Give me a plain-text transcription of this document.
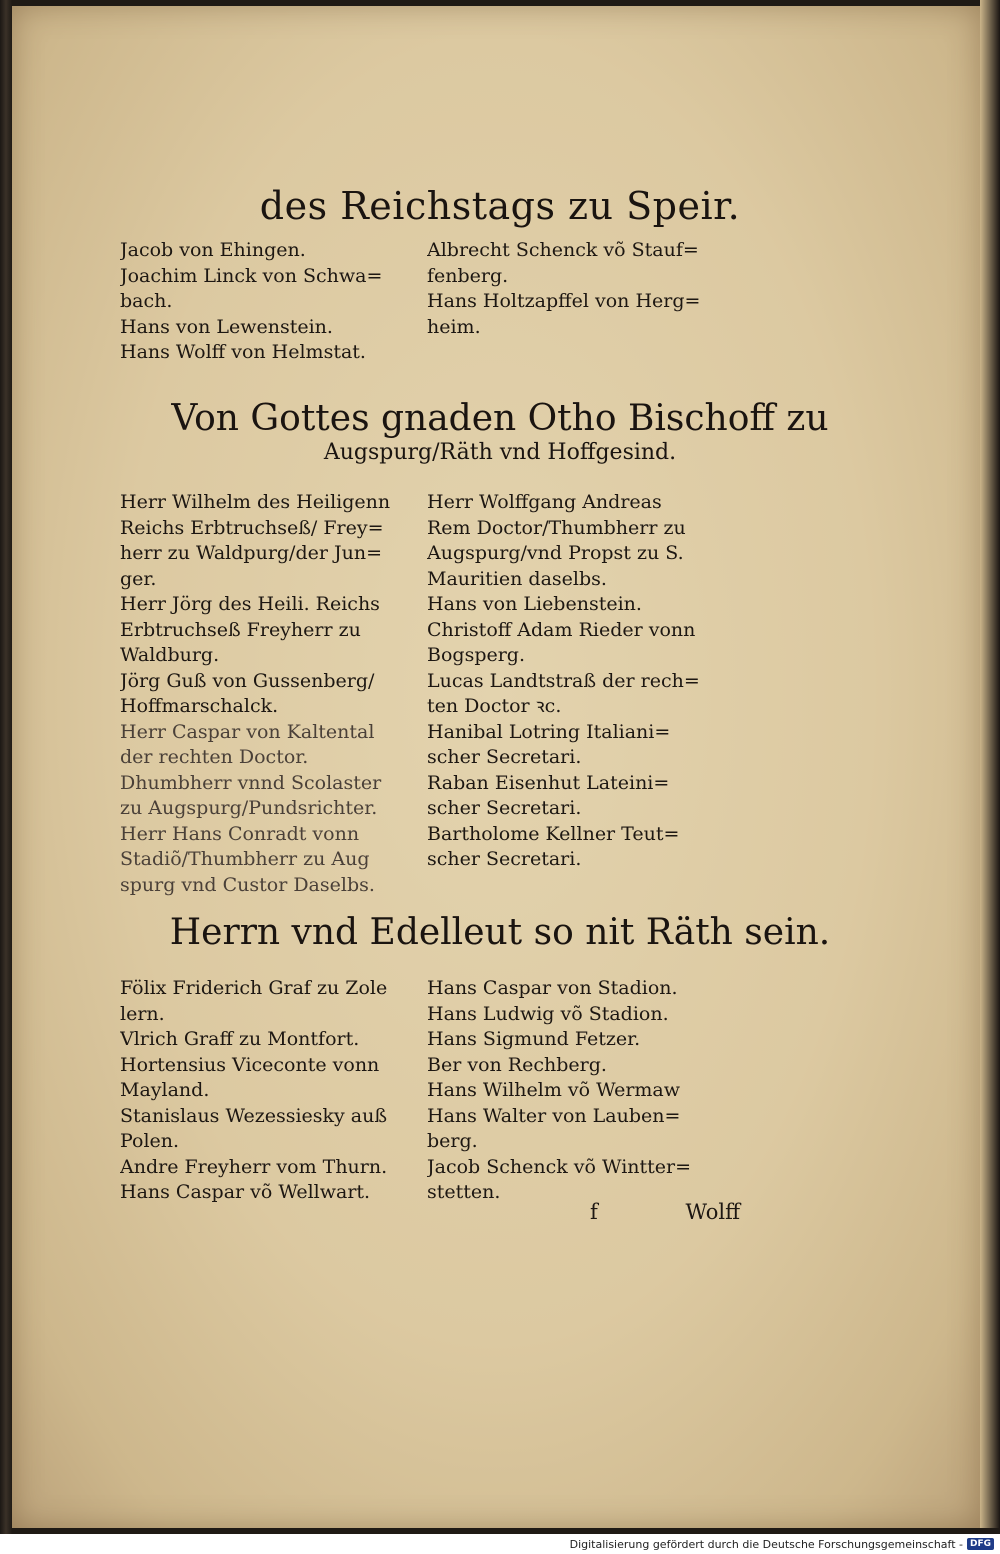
des Reichstags zu Speir.
Jacob von Ehingen.
Joachim Linck von Schwa=
bach.
Hans von Lewenstein.
Hans Wolff von Helmstat.
Albrecht Schenck võ Stauf=
fenberg.
Hans Holtzapffel von Herg=
heim.
Von Gottes gnaden Otho Bischoff zu
Augspurg/Räth vnd Hoffgesind.
Herr Wilhelm des Heiligenn
Reichs Erbtruchseß/ Frey=
herr zu Waldpurg/der Jun=
ger.
Herr Jörg des Heili. Reichs
Erbtruchseß Freyherr zu
Waldburg.
Jörg Guß von Gussenberg/
Hoffmarschalck.
Herr Caspar von Kaltental
der rechten Doctor.
Dhumbherr vnnd Scolaster
zu Augspurg/Pundsrichter.
Herr Hans Conradt vonn
Stadiõ/Thumbherr zu Aug
spurg vnd Custor Daselbs.
Herr Wolffgang Andreas
Rem Doctor/Thumbherr zu
Augspurg/vnd Propst zu S.
Mauritien daselbs.
Hans von Liebenstein.
Christoff Adam Rieder vonn
Bogsperg.
Lucas Landtstraß der rech=
ten Doctor ꝛc.
Hanibal Lotring Italiani=
scher Secretari.
Raban Eisenhut Lateini=
scher Secretari.
Bartholome Kellner Teut=
scher Secretari.
Herrn vnd Edelleut so nit Räth sein.
Fölix Friderich Graf zu Zole
lern.
Vlrich Graff zu Montfort.
Hortensius Viceconte vonn
Mayland.
Stanislaus Wezessiesky auß
Polen.
Andre Freyherr vom Thurn.
Hans Caspar võ Wellwart.
Hans Caspar von Stadion.
Hans Ludwig võ Stadion.
Hans Sigmund Fetzer.
Ber von Rechberg.
Hans Wilhelm võ Wermaw
Hans Walter von Lauben=
berg.
Jacob Schenck võ Wintter=
stetten.
f	Wolff
Digitalisierung gefördert durch die Deutsche Forschungsgemeinschaft - DFG
